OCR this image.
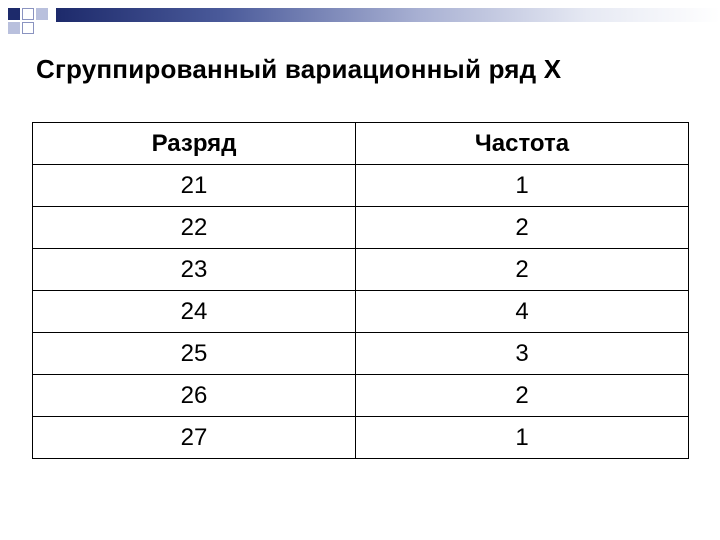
Сгруппированный вариационный ряд X
Разряд	Частота
21	1
22	2
23	2
24	4
25	3
26	2
27	1
